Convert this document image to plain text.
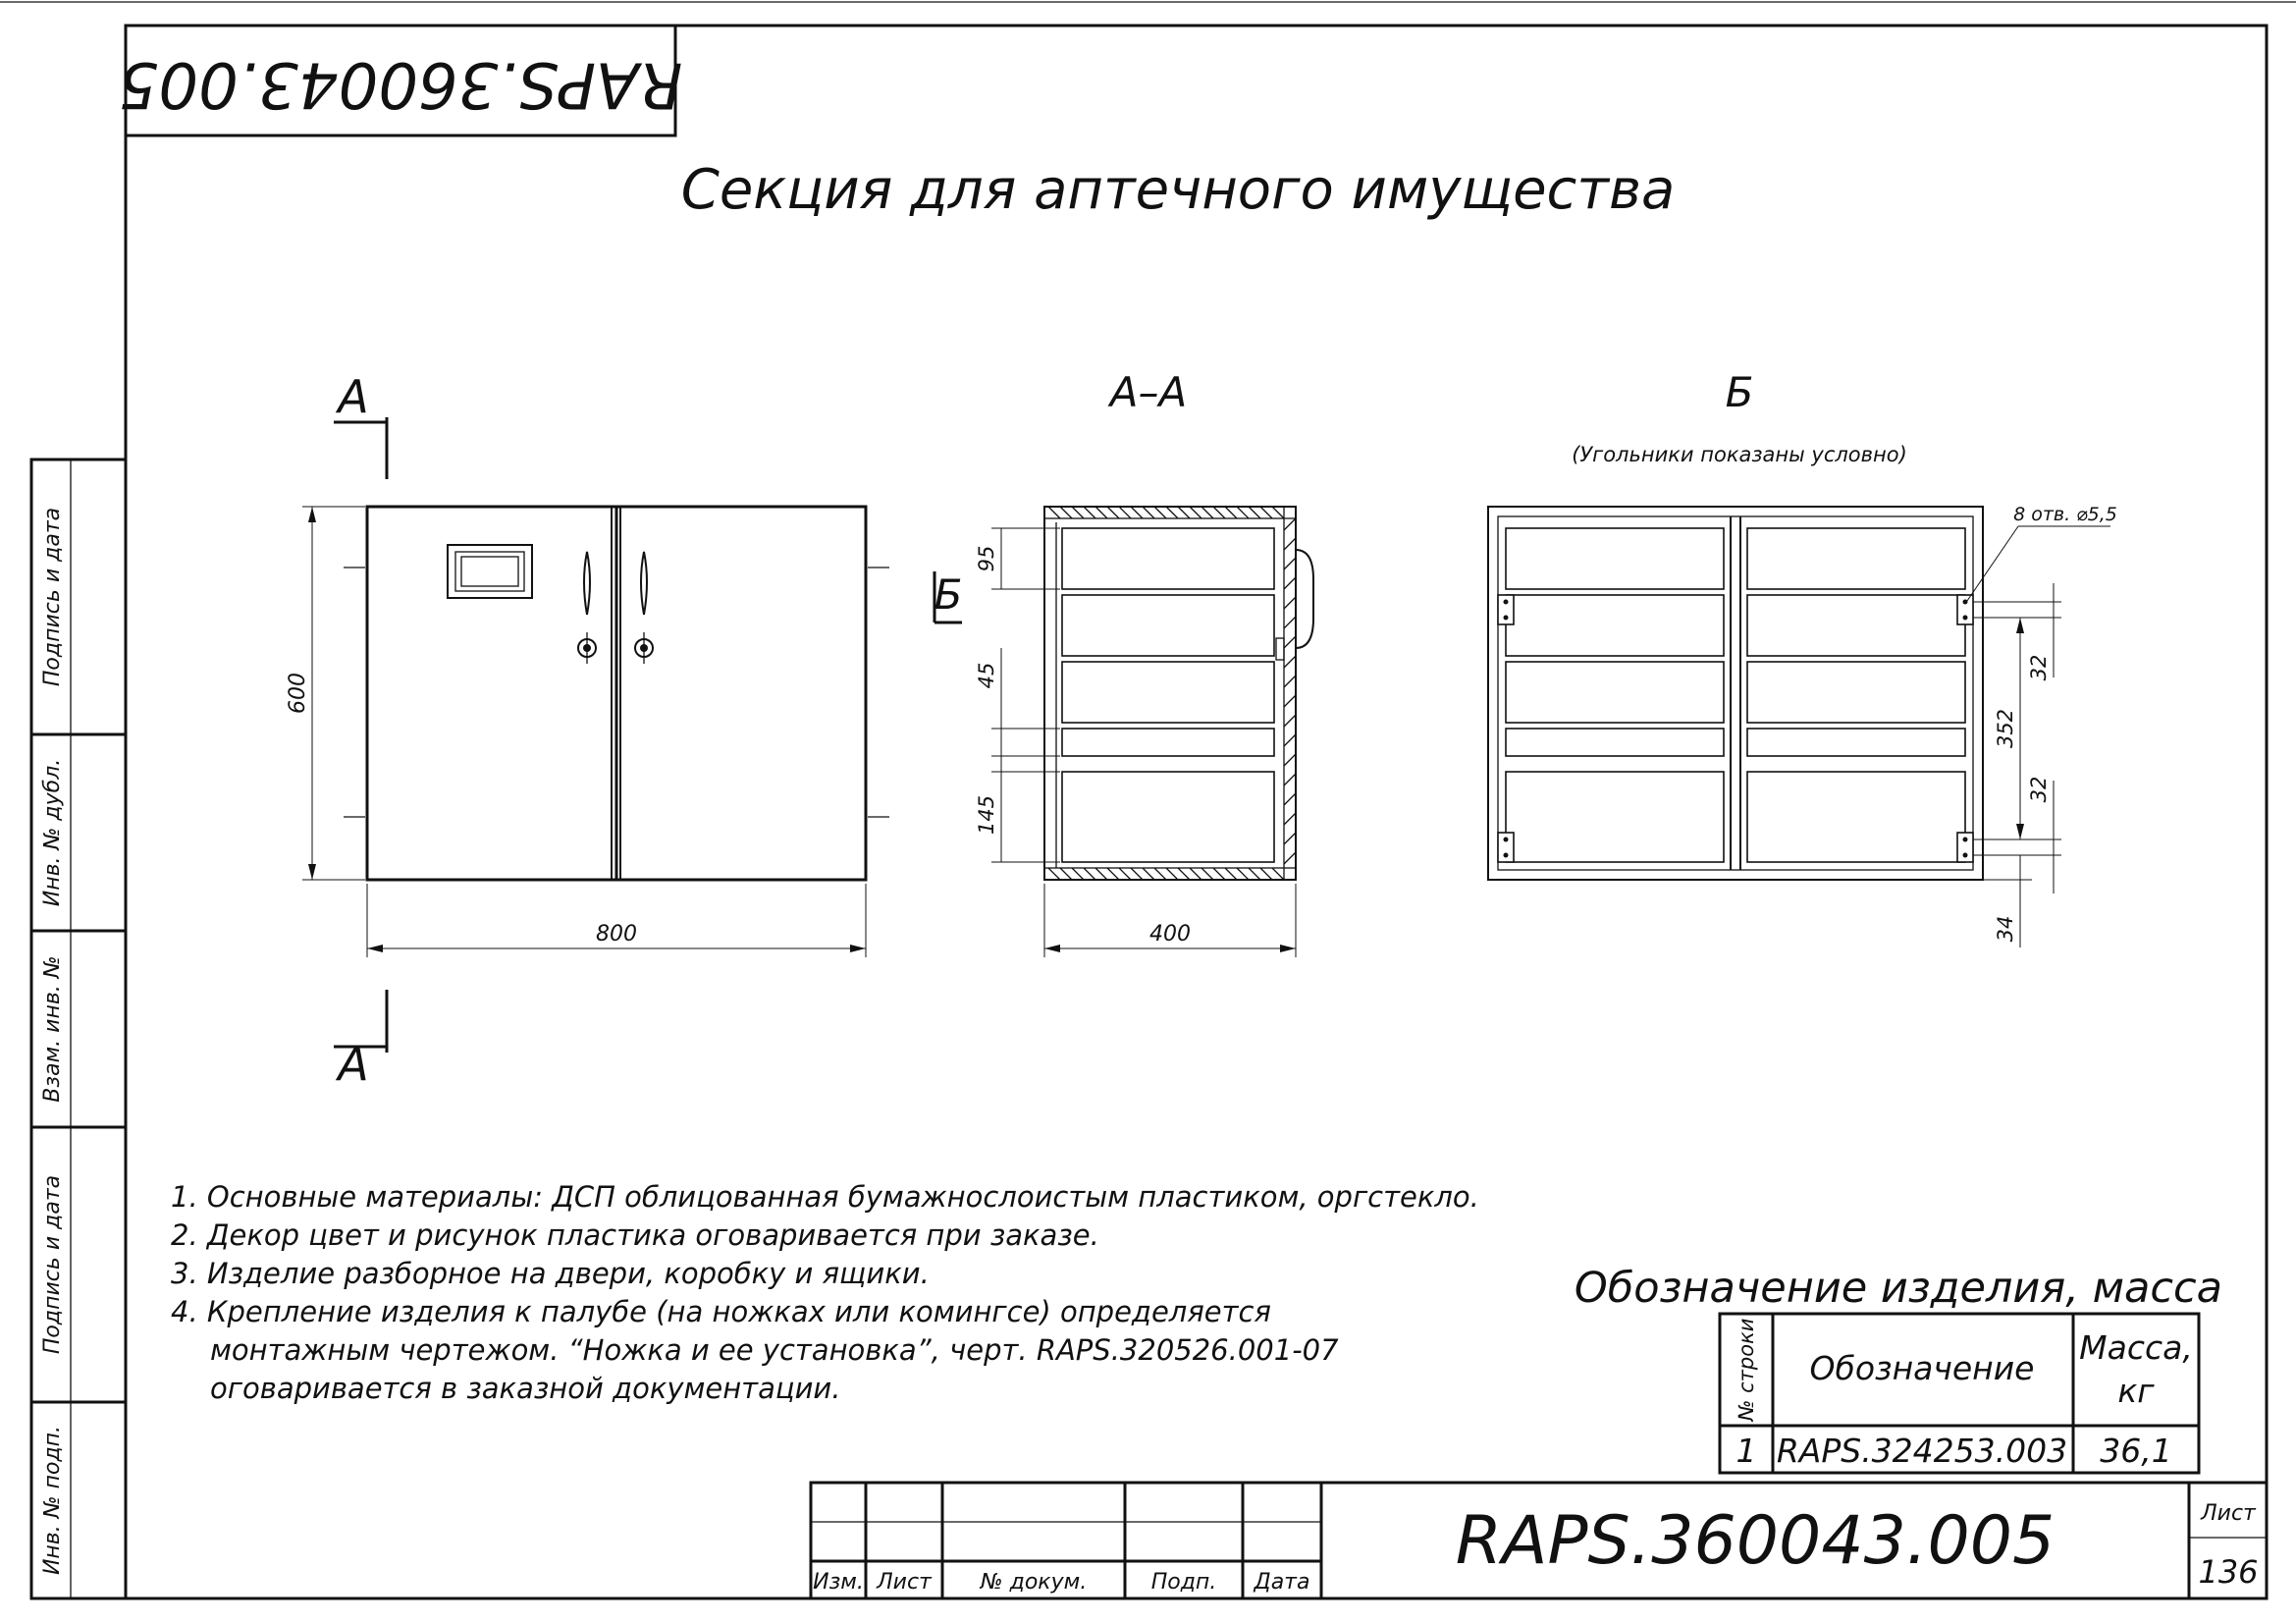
Подпись и дата
Инв. № дубл.
Взам. инв. №
Подпись и дата
Инв. № подп.
RAPS.360043.005
Секция для аптечного имущества
А
А
800
600
А–А
Б
400
95
45
145
Б
(Угольники показаны условно)
8 отв. ⌀5,5
32
352
32
34
1. Основные материалы: ДСП облицованная бумажнослоистым пластиком, оргстекло.
2. Декор цвет и рисунок пластика оговаривается при заказе.
3. Изделие разборное на двери, коробку и ящики.
4. Крепление изделия к палубе (на ножках или комингсе) определяется
монтажным чертежом. “Ножка и ее установка”, черт. RAPS.320526.001-07
оговаривается в заказной документации.
Обозначение изделия, масса
№ строки Обозначение
Масса,
кг
1 RAPS.324253.003 36,1
Изм. Лист № докум.	Подп. Дата
RAPS.360043.005	Лист
136
